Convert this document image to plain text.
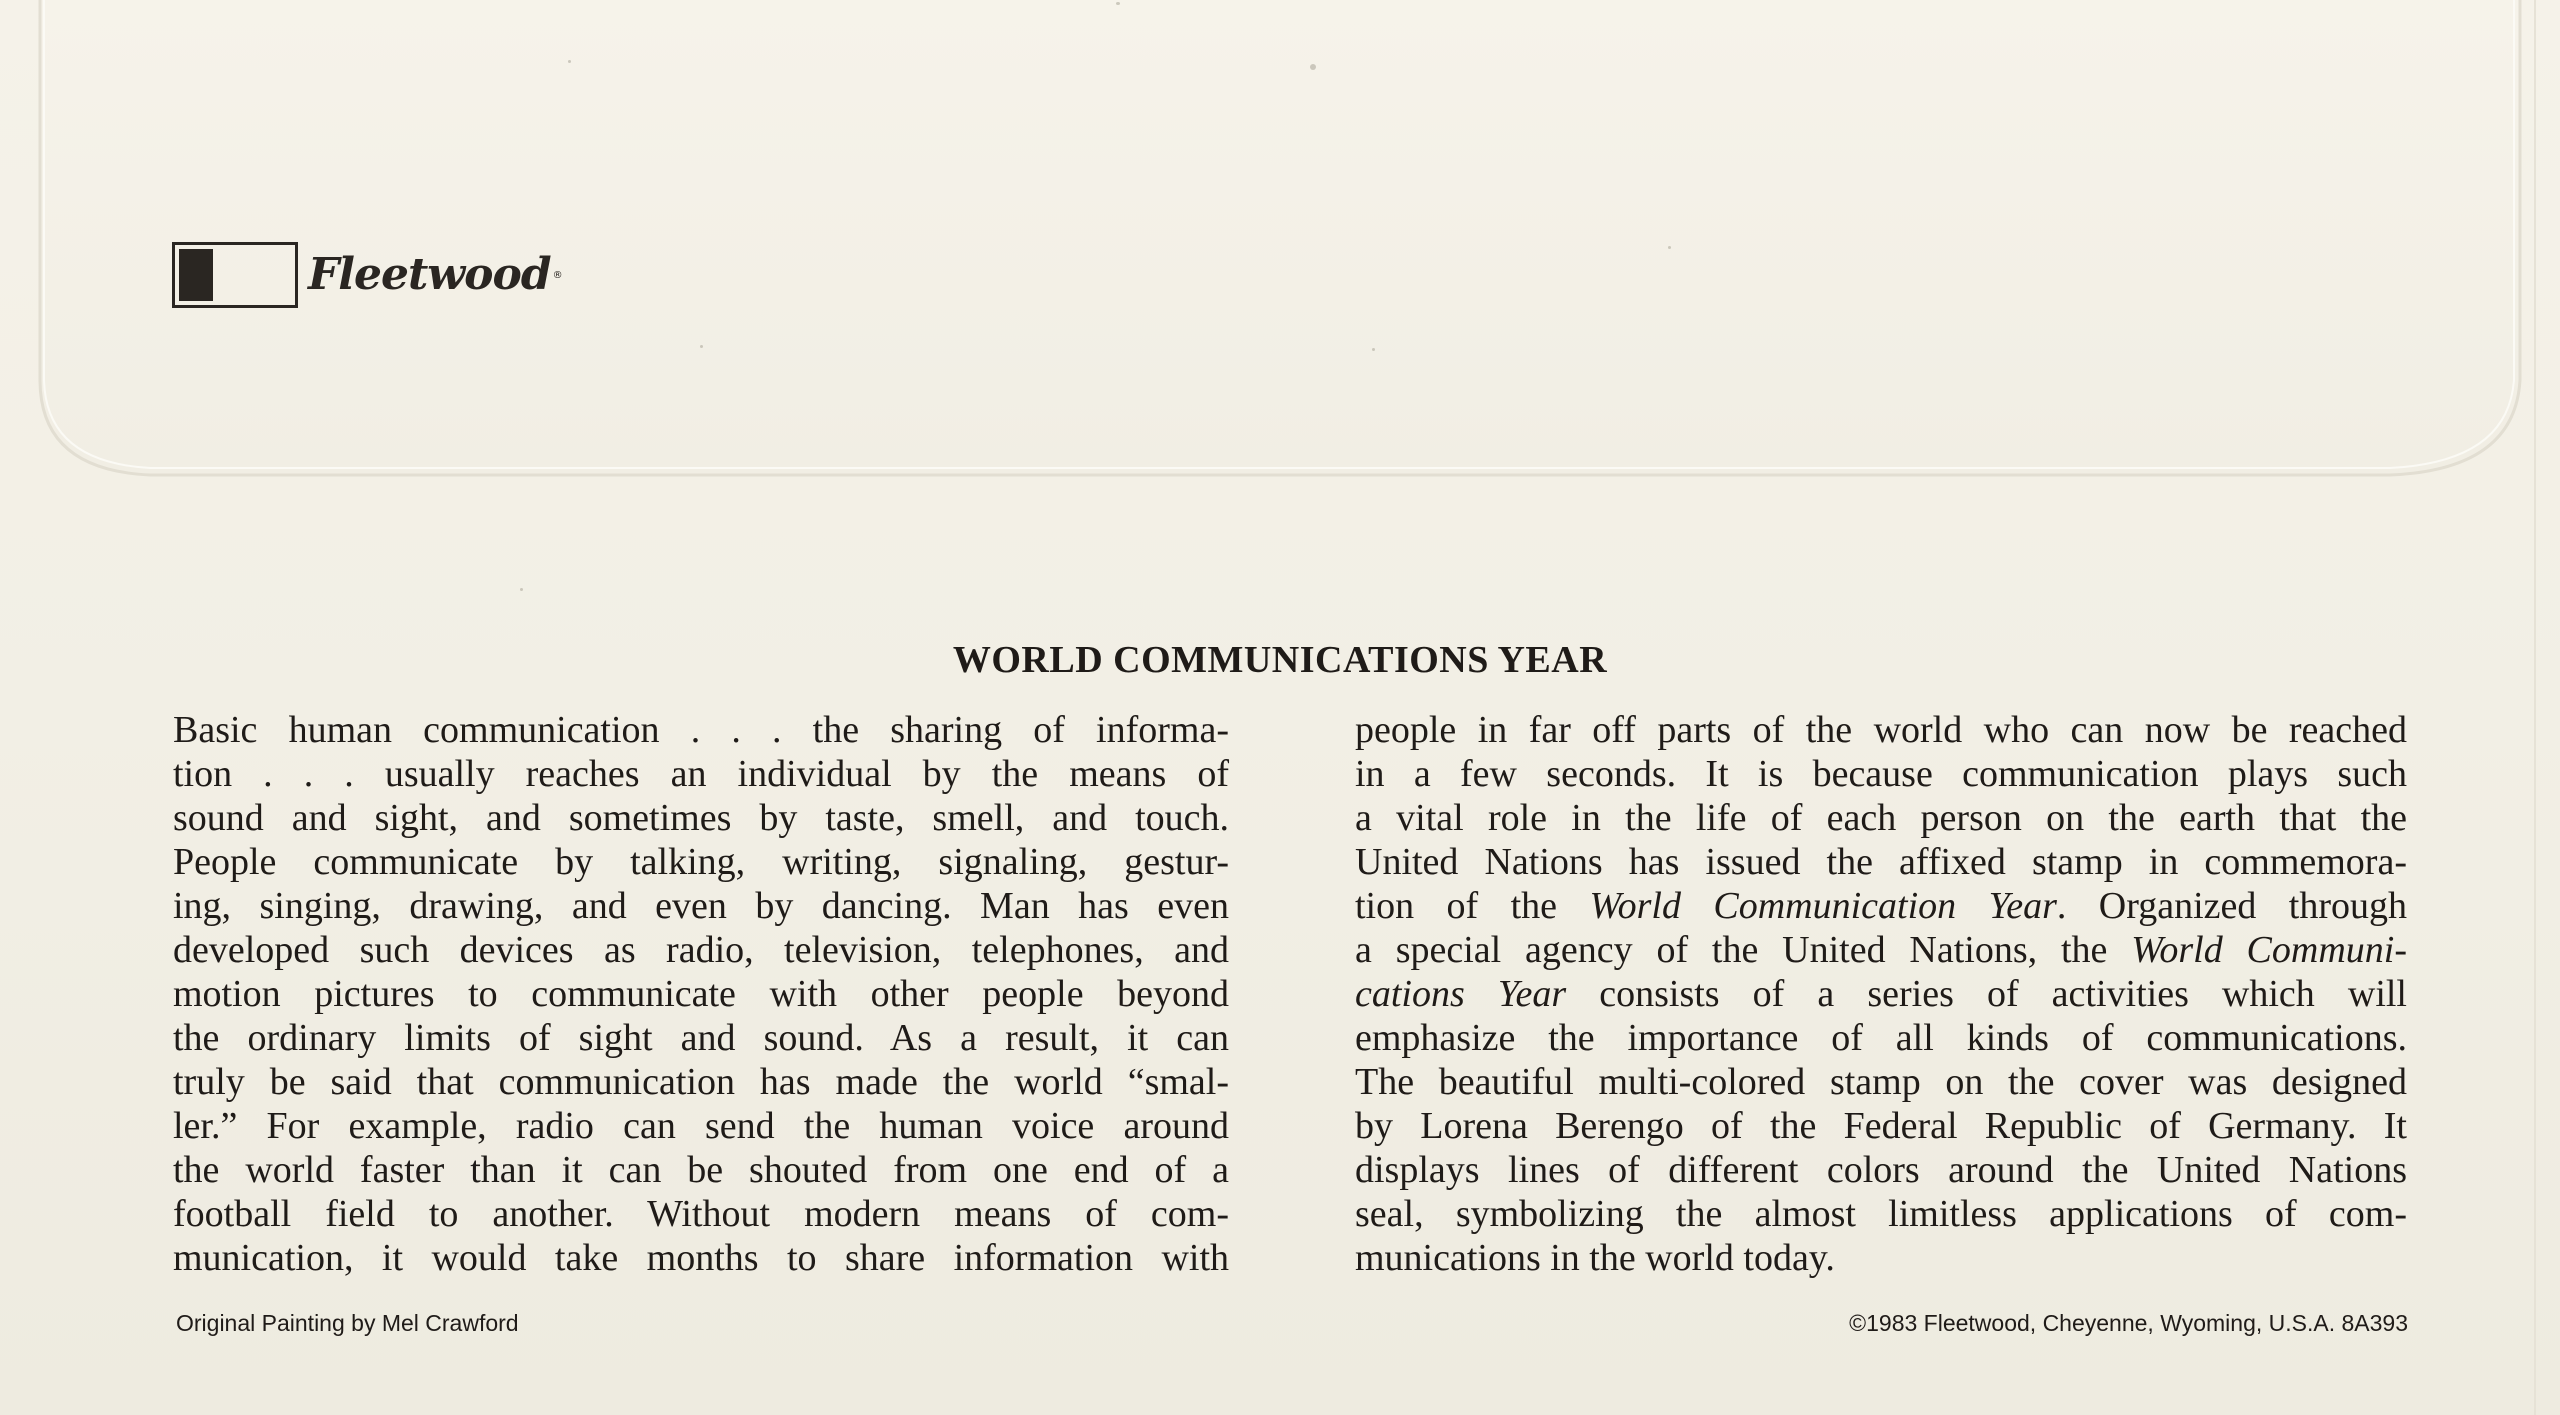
Fleetwood ®
WORLD COMMUNICATIONS YEAR
Basic human communication . . . the sharing of informa-
tion . . . usually reaches an individual by the means of
sound and sight, and sometimes by taste, smell, and touch.
People communicate by talking, writing, signaling, gestur-
ing, singing, drawing, and even by dancing. Man has even
developed such devices as radio, television, telephones, and
motion pictures to communicate with other people beyond
the ordinary limits of sight and sound. As a result, it can
truly be said that communication has made the world “smal-
ler.” For example, radio can send the human voice around
the world faster than it can be shouted from one end of a
football field to another. Without modern means of com-
munication, it would take months to share information with
people in far off parts of the world who can now be reached
in a few seconds. It is because communication plays such
a vital role in the life of each person on the earth that the
United Nations has issued the affixed stamp in commemora-
tion of the World Communication Year. Organized through
a special agency of the United Nations, the World Communi-
cations Year consists of a series of activities which will
emphasize the importance of all kinds of communications.
The beautiful multi-colored stamp on the cover was designed
by Lorena Berengo of the Federal Republic of Germany. It
displays lines of different colors around the United Nations
seal, symbolizing the almost limitless applications of com-
munications in the world today.
Original Painting by Mel Crawford	©1983 Fleetwood, Cheyenne, Wyoming, U.S.A. 8A393
